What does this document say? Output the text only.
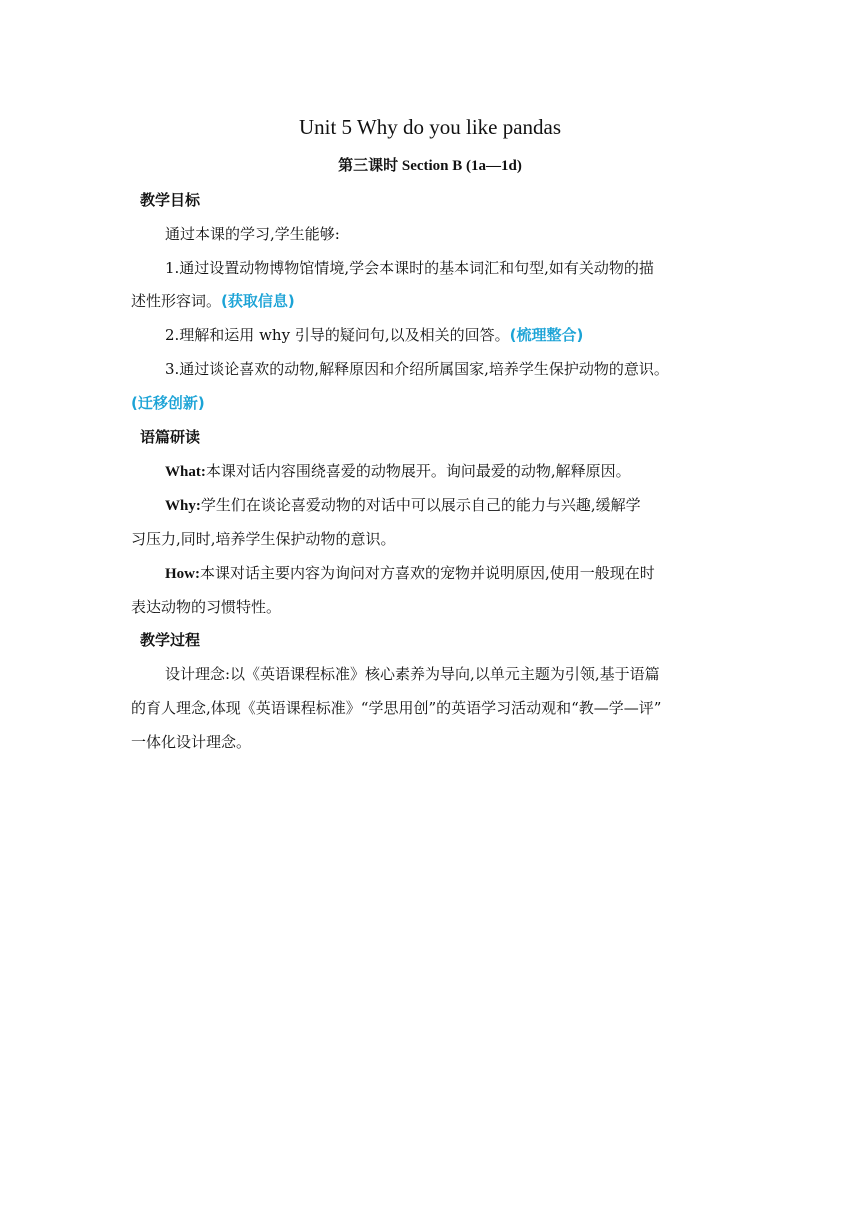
Unit 5 Why do you like pandas
第三课时 Section B (1a—1d)
教学目标
通过本课的学习,学生能够:
1.通过设置动物博物馆情境,学会本课时的基本词汇和句型,如有关动物的描
述性形容词。(获取信息)
2.理解和运用 why 引导的疑问句,以及相关的回答。(梳理整合)
3.通过谈论喜欢的动物,解释原因和介绍所属国家,培养学生保护动物的意识。
(迁移创新)
语篇研读
What:本课对话内容围绕喜爱的动物展开。询问最爱的动物,解释原因。
Why:学生们在谈论喜爱动物的对话中可以展示自己的能力与兴趣,缓解学
习压力,同时,培养学生保护动物的意识。
How:本课对话主要内容为询问对方喜欢的宠物并说明原因,使用一般现在时
表达动物的习惯特性。
教学过程
设计理念:以《英语课程标准》核心素养为导向,以单元主题为引领,基于语篇
的育人理念,体现《英语课程标准》“学思用创”的英语学习活动观和“教—学—评”
一体化设计理念。
